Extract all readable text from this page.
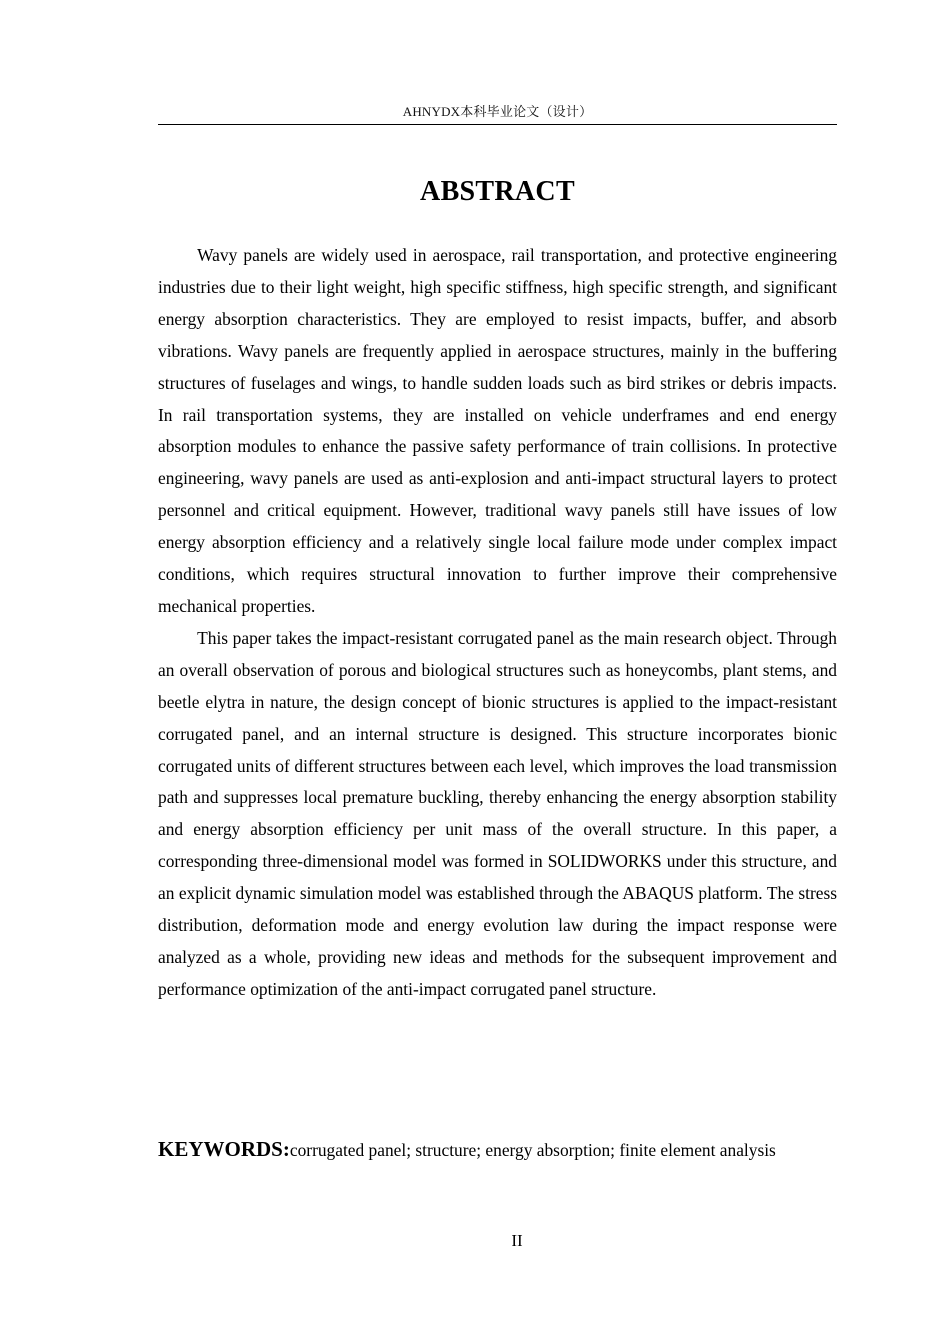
AHNYDX本科毕业论文（设计）
ABSTRACT

Wavy panels are widely used in aerospace, rail transportation, and protective engineering industries due to their light weight, high specific stiffness, high specific strength, and significant energy absorption characteristics. They are employed to resist impacts, buffer, and absorb vibrations. Wavy panels are frequently applied in aerospace structures, mainly in the buffering structures of fuselages and wings, to handle sudden loads such as bird strikes or debris impacts. In rail transportation systems, they are installed on vehicle underframes and end energy absorption modules to enhance the passive safety performance of train collisions. In protective engineering, wavy panels are used as anti-explosion and anti-impact structural layers to protect personnel and critical equipment. However, traditional wavy panels still have issues of low energy absorption efficiency and a relatively single local failure mode under complex impact conditions, which requires structural innovation to further improve their comprehensive mechanical properties.

This paper takes the impact-resistant corrugated panel as the main research object. Through an overall observation of porous and biological structures such as honeycombs, plant stems, and beetle elytra in nature, the design concept of bionic structures is applied to the impact-resistant corrugated panel, and an internal structure is designed. This structure incorporates bionic corrugated units of different structures between each level, which improves the load transmission path and suppresses local premature buckling, thereby enhancing the energy absorption stability and energy absorption efficiency per unit mass of the overall structure. In this paper, a corresponding three-dimensional model was formed in SOLIDWORKS under this structure, and an explicit dynamic simulation model was established through the ABAQUS platform. The stress distribution, deformation mode and energy evolution law during the impact response were analyzed as a whole, providing new ideas and methods for the subsequent improvement and performance optimization of the anti-impact corrugated panel structure.

KEYWORDS:corrugated panel; structure; energy absorption; finite element analysis
II
